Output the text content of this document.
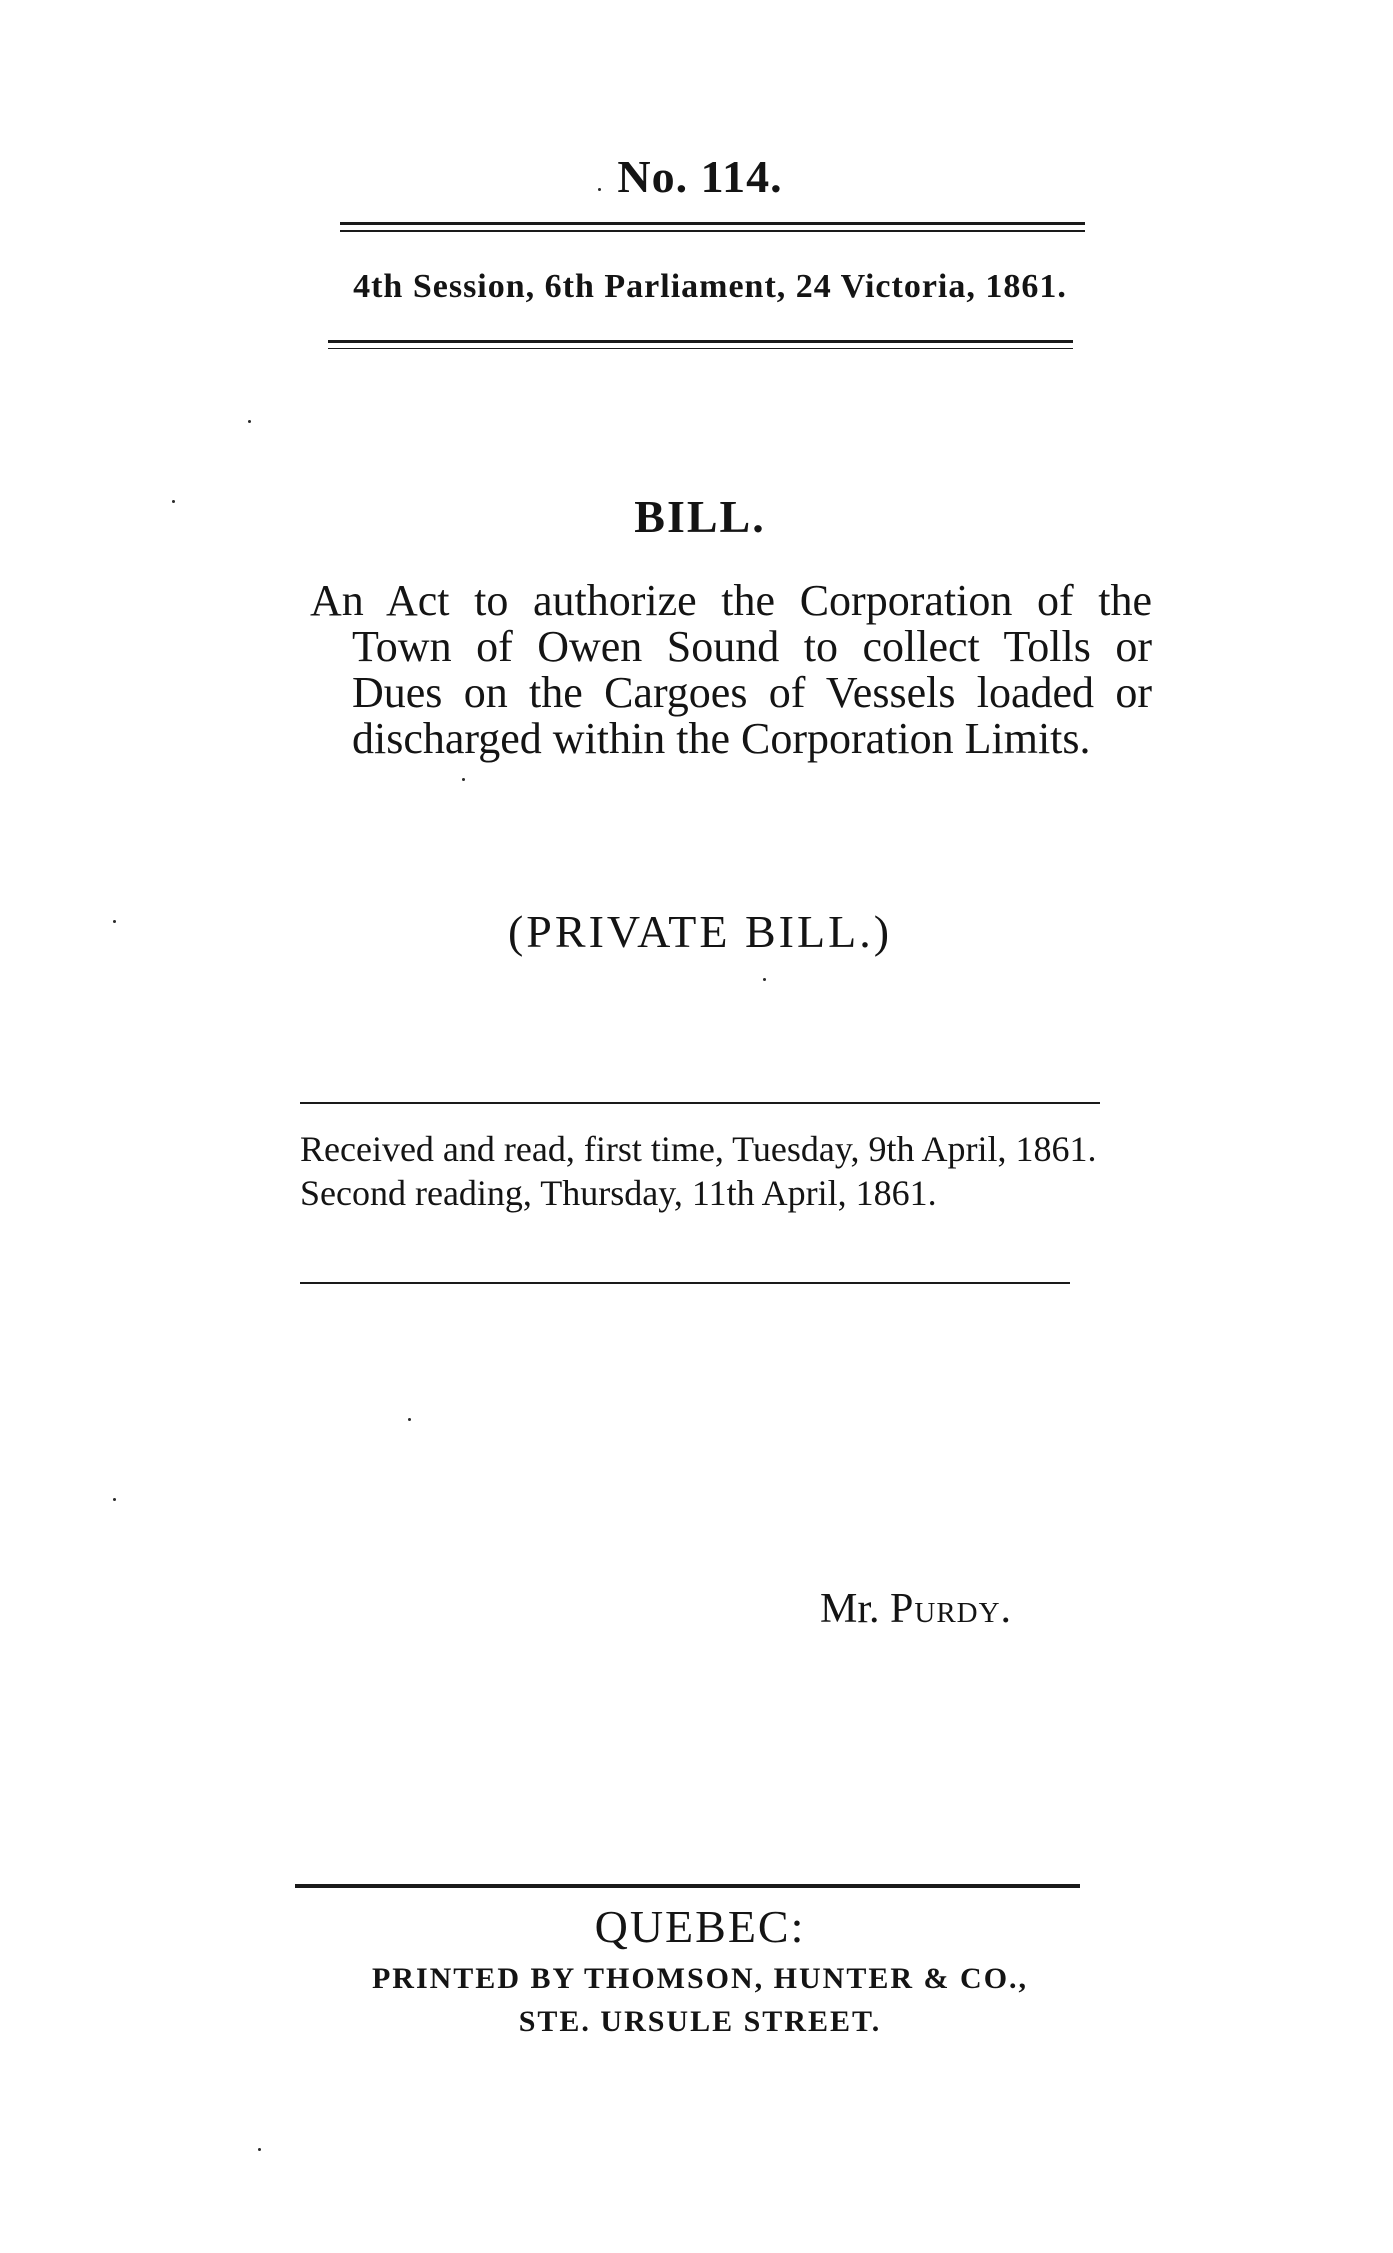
No. 114.
4th Session, 6th Parliament, 24 Victoria, 1861.
BILL.
An Act to authorize the Corporation of the Town of Owen Sound to collect Tolls or Dues on the Cargoes of Vessels loaded or discharged within the Corporation Limits.
(PRIVATE BILL.)
Received and read, first time, Tuesday, 9th April, 1861.
Second reading, Thursday, 11th April, 1861.
Mr. Purdy.
QUEBEC:
PRINTED BY THOMSON, HUNTER & CO.,
STE. URSULE STREET.
